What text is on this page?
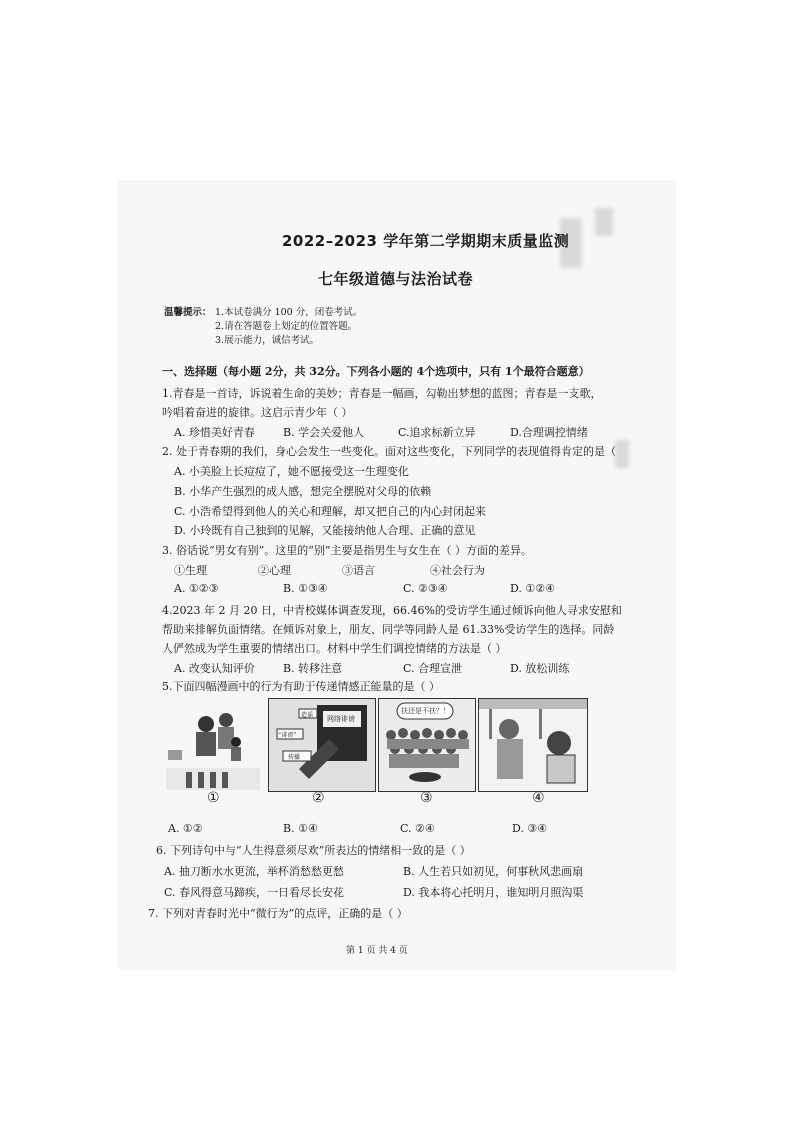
2022–2023 学年第二学期期末质量监测
七年级道德与法治试卷
温馨提示： 1.本试卷满分 100 分，闭卷考试。
2.请在答题卷上划定的位置答题。
3.展示能力，诚信考试。
一、选择题（每小题 2分，共 32分。下列各小题的 4个选项中，只有 1个最符合题意）
1.青春是一首诗，诉说着生命的美妙；青春是一幅画，勾勒出梦想的蓝图；青春是一支歌，
吟唱着奋进的旋律。这启示青少年（ ）
A. 珍惜美好青春	B. 学会关爱他人	C.追求标新立异	D.合理调控情绪
2. 处于青春期的我们，身心会发生一些变化。面对这些变化，下列同学的表现值得肯定的是（
A. 小美脸上长痘痘了，她不愿接受这一生理变化
B. 小华产生强烈的成人感，想完全摆脱对父母的依赖
C. 小浩希望得到他人的关心和理解，却又把自己的内心封闭起来
D. 小玲既有自己独到的见解，又能接纳他人合理、正确的意见
3. 俗话说“男女有别”。这里的“别”主要是指男生与女生在（ ）方面的差异。
①生理	②心理	③语言	④社会行为
A. ①②③	B. ①③④	C. ②③④	D. ①②④
4.2023 年 2 月 20 日，中青校媒体调查发现，66.46%的受访学生通过倾诉向他人寻求安慰和
帮助来排解负面情绪。在倾诉对象上，朋友、同学等同龄人是 61.33%受访学生的选择。同龄
人俨然成为学生重要的情绪出口。材料中学生们调控情绪的方法是（ ）
A. 改变认知评价	B. 转移注意	C. 合理宣泄	D. 放松训练
5.下面四幅漫画中的行为有助于传递情感正能量的是（ ）
网络诽谤
造谣
“诽谤”
传播
扶还是不扶？！
①	②	③	④
A. ①②	B. ①④	C. ②④	D. ③④
6. 下列诗句中与“人生得意须尽欢”所表达的情绪相一致的是（ ）
A. 抽刀断水水更流，举杯消愁愁更愁	B. 人生若只如初见，何事秋风悲画扇
C. 春风得意马蹄疾，一日看尽长安花	D. 我本将心托明月，谁知明月照沟渠
7. 下列对青春时光中“微行为”的点评，正确的是（ ）
第 1 页 共 4 页
